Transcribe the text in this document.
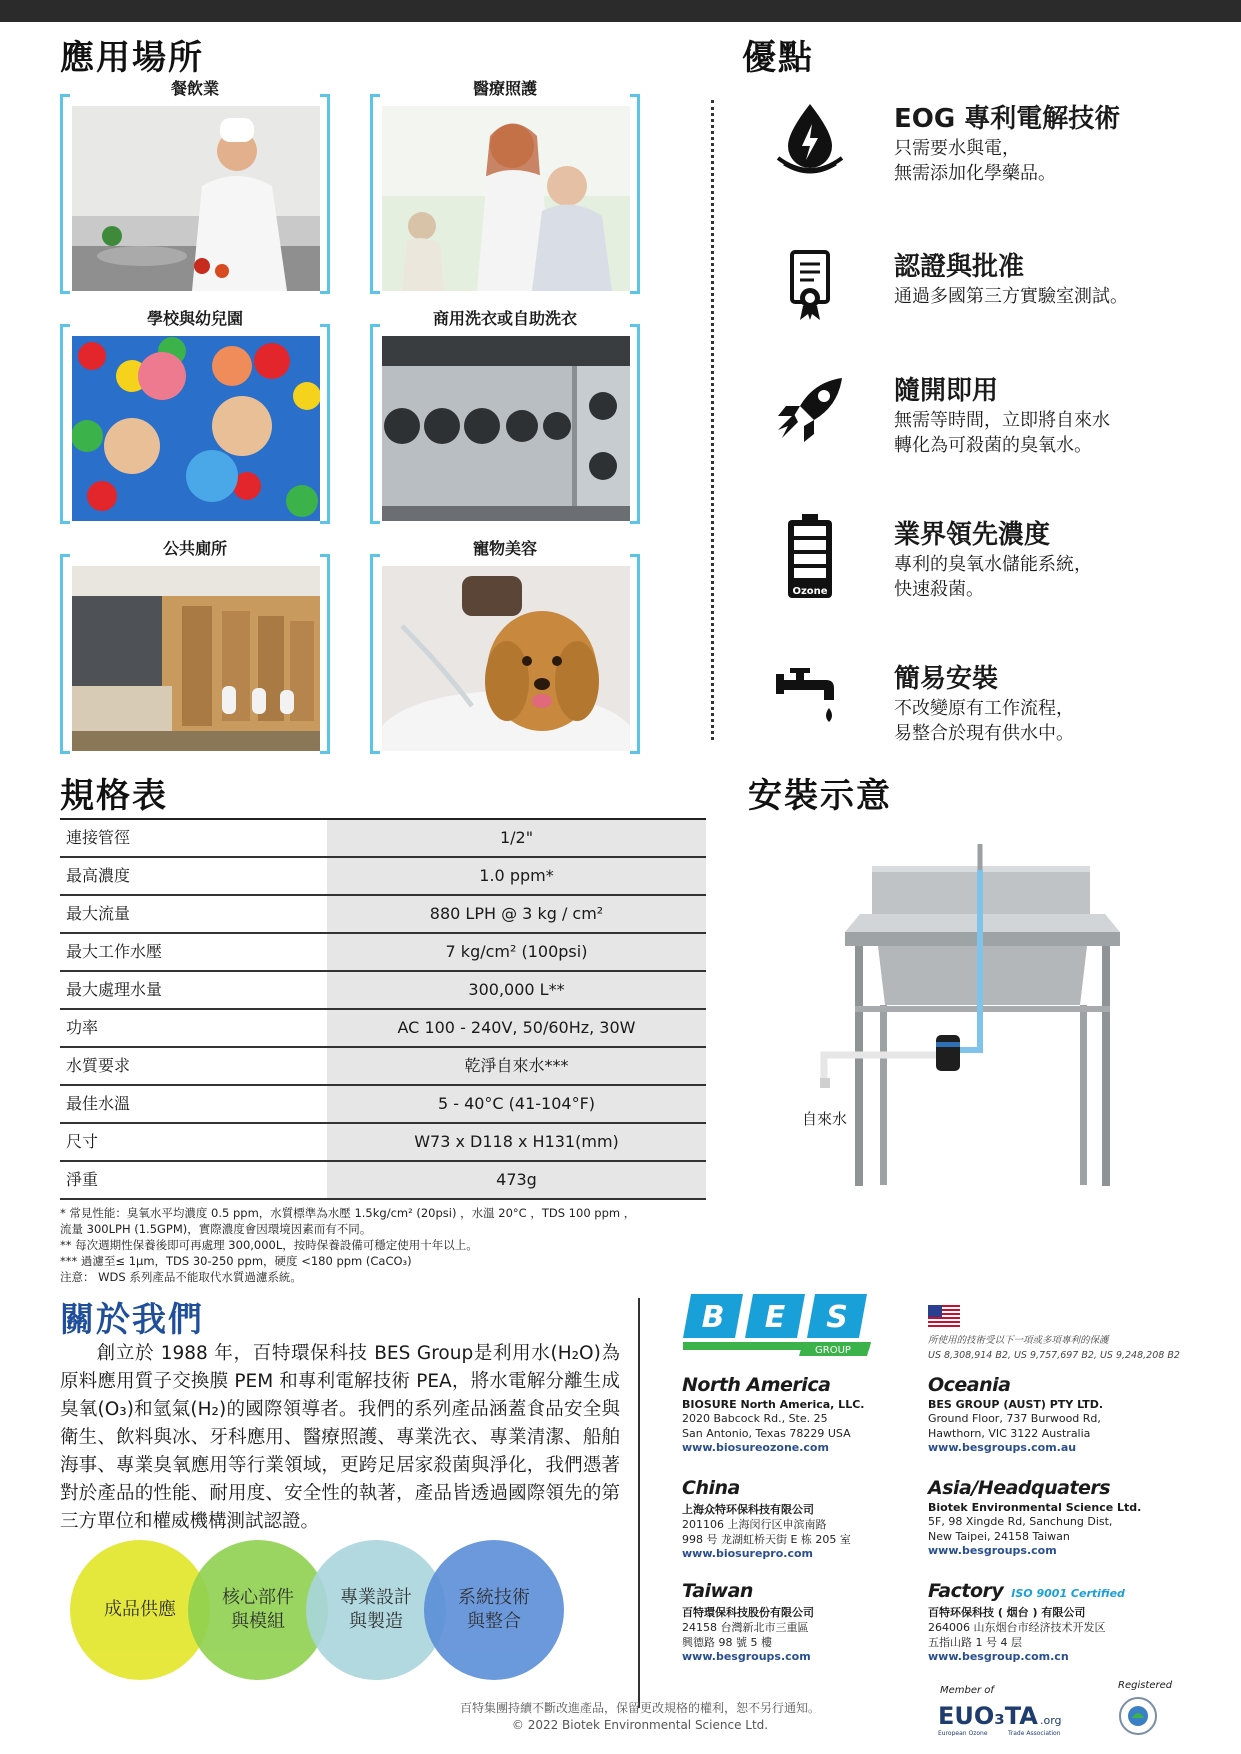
應用場所	優點
規格表	安裝示意
關於我們
餐飲業	醫療照護
學校與幼兒園	商用洗衣或自助洗衣
公共廁所	寵物美容
EOG 專利電解技術
只需要水與電，
無需添加化學藥品。
認證與批准
通過多國第三方實驗室測試。
隨開即用
無需等時間，立即將自來水
轉化為可殺菌的臭氧水。
Ozone
業界領先濃度
專利的臭氧水儲能系統，
快速殺菌。
簡易安裝
不改變原有工作流程，
易整合於現有供水中。
連接管徑	1/2"
最高濃度	1.0 ppm*
最大流量	880 LPH @ 3 kg / cm²
最大工作水壓	7 kg/cm² (100psi)
最大處理水量	300,000 L**
功率	AC 100 - 240V, 50/60Hz, 30W
水質要求	乾淨自來水***
最佳水溫	5 - 40°C (41-104°F)
尺寸	W73 x D118 x H131(mm)
淨重	473g
* 常見性能：臭氧水平均濃度 0.5 ppm，水質標準為水壓 1.5kg/cm² (20psi) ，水溫 20°C ，TDS 100 ppm ，
流量 300LPH (1.5GPM)，實際濃度會因環境因素而有不同。
** 每次週期性保養後即可再處理 300,000L，按時保養設備可穩定使用十年以上。
*** 過濾至≤ 1μm，TDS 30-250 ppm，硬度 <180 ppm (CaCO₃)
注意： WDS 系列產品不能取代水質過濾系統。
自來水
創立於 1988 年，百特環保科技 BES Group是利用水(H₂O)為原料應用質子交換膜 PEM 和專利電解技術 PEA，將水電解分離生成臭氧(O₃)和氫氣(H₂)的國際領導者。我們的系列產品涵蓋食品安全與衛生、飲料與冰、牙科應用、醫療照護、專業洗衣、專業清潔、船舶海事、專業臭氧應用等行業領域，更跨足居家殺菌與淨化，我們憑著對於產品的性能、耐用度、安全性的執著，產品皆透過國際領先的第三方單位和權威機構測試認證。
成品供應
核心部件
與模組
專業設計
與製造
系統技術
與整合
B E S
GROUP
所使用的技術受以下一項或多項專利的保護
US 8,308,914 B2, US 9,757,697 B2, US 9,248,208 B2
North America
BIOSURE North America, LLC.
2020 Babcock Rd., Ste. 25
San Antonio, Texas 78229 USA
www.biosureozone.com
Oceania
BES GROUP (AUST) PTY LTD.
Ground Floor, 737 Burwood Rd,
Hawthorn, VIC 3122 Australia
www.besgroups.com.au
China
上海众特环保科技有限公司
201106 上海闵行区申滨南路
998 号 龙湖虹桥天街 E 栋 205 室
www.biosurepro.com
Asia/Headquaters
Biotek Environmental Science Ltd.
5F, 98 Xingde Rd, Sanchung Dist,
New Taipei, 24158 Taiwan
www.besgroups.com
Taiwan
百特環保科技股份有限公司
24158 台灣新北市三重區
興德路 98 號 5 樓
www.besgroups.com
Factory ISO 9001 Certified
百特环保科技 ( 烟台 ) 有限公司
264006 山东烟台市经济技术开发区
五指山路 1 号 4 层
www.besgroup.com.cn
百特集團持續不斷改進產品，保留更改規格的權利，恕不另行通知。
© 2022 Biotek Environmental Science Ltd.
Member of
EUO₃TA .org
European Ozone	Trade Association
Registered
